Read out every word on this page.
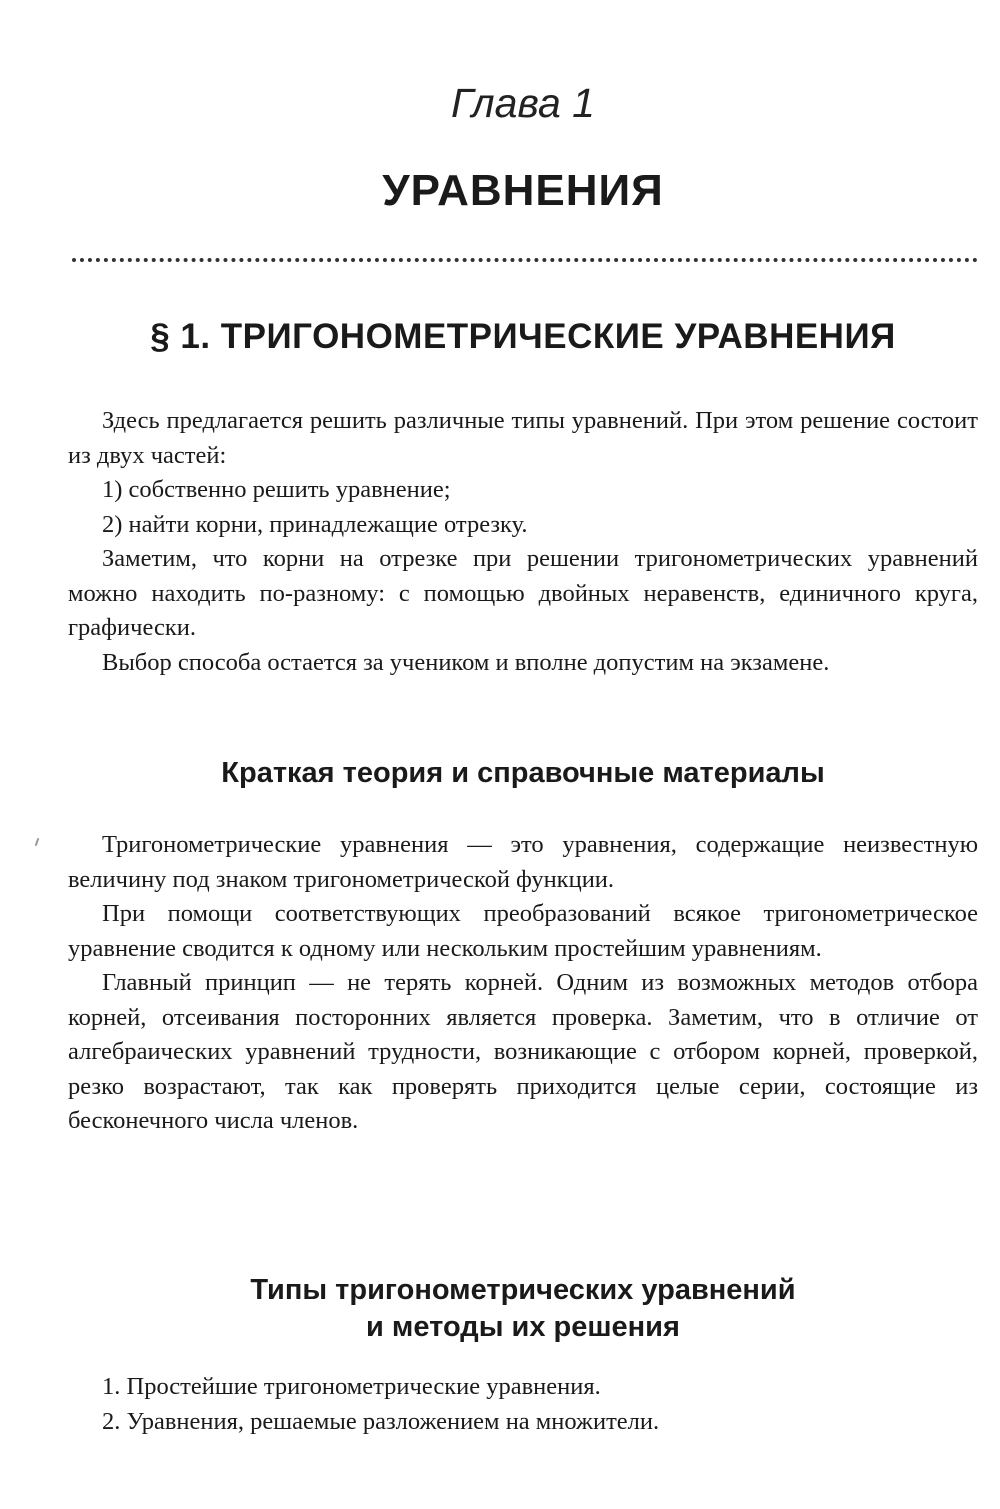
Глава 1
УРАВНЕНИЯ
§ 1. ТРИГОНОМЕТРИЧЕСКИЕ УРАВНЕНИЯ

Здесь предлагается решить различные типы уравнений. При этом решение состоит из двух частей:

1) собственно решить уравнение;

2) найти корни, принадлежащие отрезку.

Заметим, что корни на отрезке при решении тригонометрических уравнений можно находить по-разному: с помощью двойных неравенств, единичного круга, графически.

Выбор способа остается за учеником и вполне допустим на экзамене.

Краткая теория и справочные материалы

Тригонометрические уравнения — это уравнения, содержащие неизвестную величину под знаком тригонометрической функции.

При помощи соответствующих преобразований всякое тригонометрическое уравнение сводится к одному или нескольким простейшим уравнениям.

Главный принцип — не терять корней. Одним из возможных методов отбора корней, отсеивания посторонних является проверка. Заметим, что в отличие от алгебраических уравнений трудности, возникающие с отбором корней, проверкой, резко возрастают, так как проверять приходится целые серии, состоящие из бесконечного числа членов.

Типы тригонометрических уравнений
и методы их решения

1. Простейшие тригонометрические уравнения.

2. Уравнения, решаемые разложением на множители.
